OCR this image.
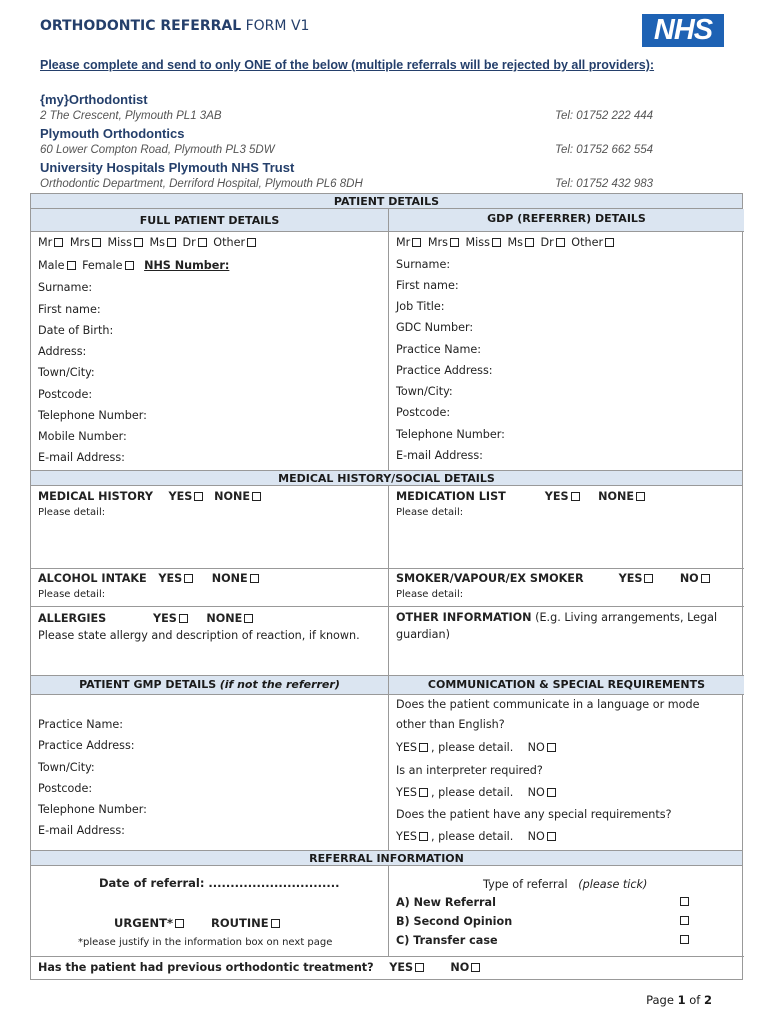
ORTHODONTIC REFERRAL FORM V1	NHS
Please complete and send to only ONE of the below (multiple referrals will be rejected by all providers):
{my}Orthodontist
2 The Crescent, Plymouth PL1 3AB	Tel: 01752 222 444
Plymouth Orthodontics
60 Lower Compton Road, Plymouth PL3 5DW	Tel: 01752 662 554
University Hospitals Plymouth NHS Trust
Orthodontic Department, Derriford Hospital, Plymouth PL6 8DH	Tel: 01752 432 983
PATIENT DETAILS
FULL PATIENT DETAILS	GDP (REFERRER) DETAILS
Mr Mrs Miss Ms Dr Other
Male Female NHS Number:
Surname:
First name:
Date of Birth:
Address:
Town/City:
Postcode:
Telephone Number:
Mobile Number:
E-mail Address:
Mr Mrs Miss Ms Dr Other
Surname:
First name:
Job Title:
GDC Number:
Practice Name:
Practice Address:
Town/City:
Postcode:
Telephone Number:
E-mail Address:
MEDICAL HISTORY/SOCIAL DETAILS
MEDICAL HISTORY YES NONE
Please detail:
MEDICATION LIST	YES	NONE
Please detail:
ALCOHOL INTAKE YES	NONE
Please detail:
SMOKER/VAPOUR/EX SMOKER	YES	NO
Please detail:
ALLERGIES	YES	NONE
Please state allergy and description of reaction, if known.
OTHER INFORMATION (E.g. Living arrangements, Legal
guardian)
PATIENT GMP DETAILS (if not the referrer)	COMMUNICATION & SPECIAL REQUIREMENTS
Practice Name:
Practice Address:
Town/City:
Postcode:
Telephone Number:
E-mail Address:
Does the patient communicate in a language or mode
other than English?
YES , please detail. NO
Is an interpreter required?
YES , please detail. NO
Does the patient have any special requirements?
YES , please detail. NO
REFERRAL INFORMATION
Date of referral: ..............................
URGENT*	ROUTINE
*please justify in the information box on next page
Type of referral (please tick)
A) New Referral
B) Second Opinion
C) Transfer case
Has the patient had previous orthodontic treatment? YES	NO
Page 1 of 2
